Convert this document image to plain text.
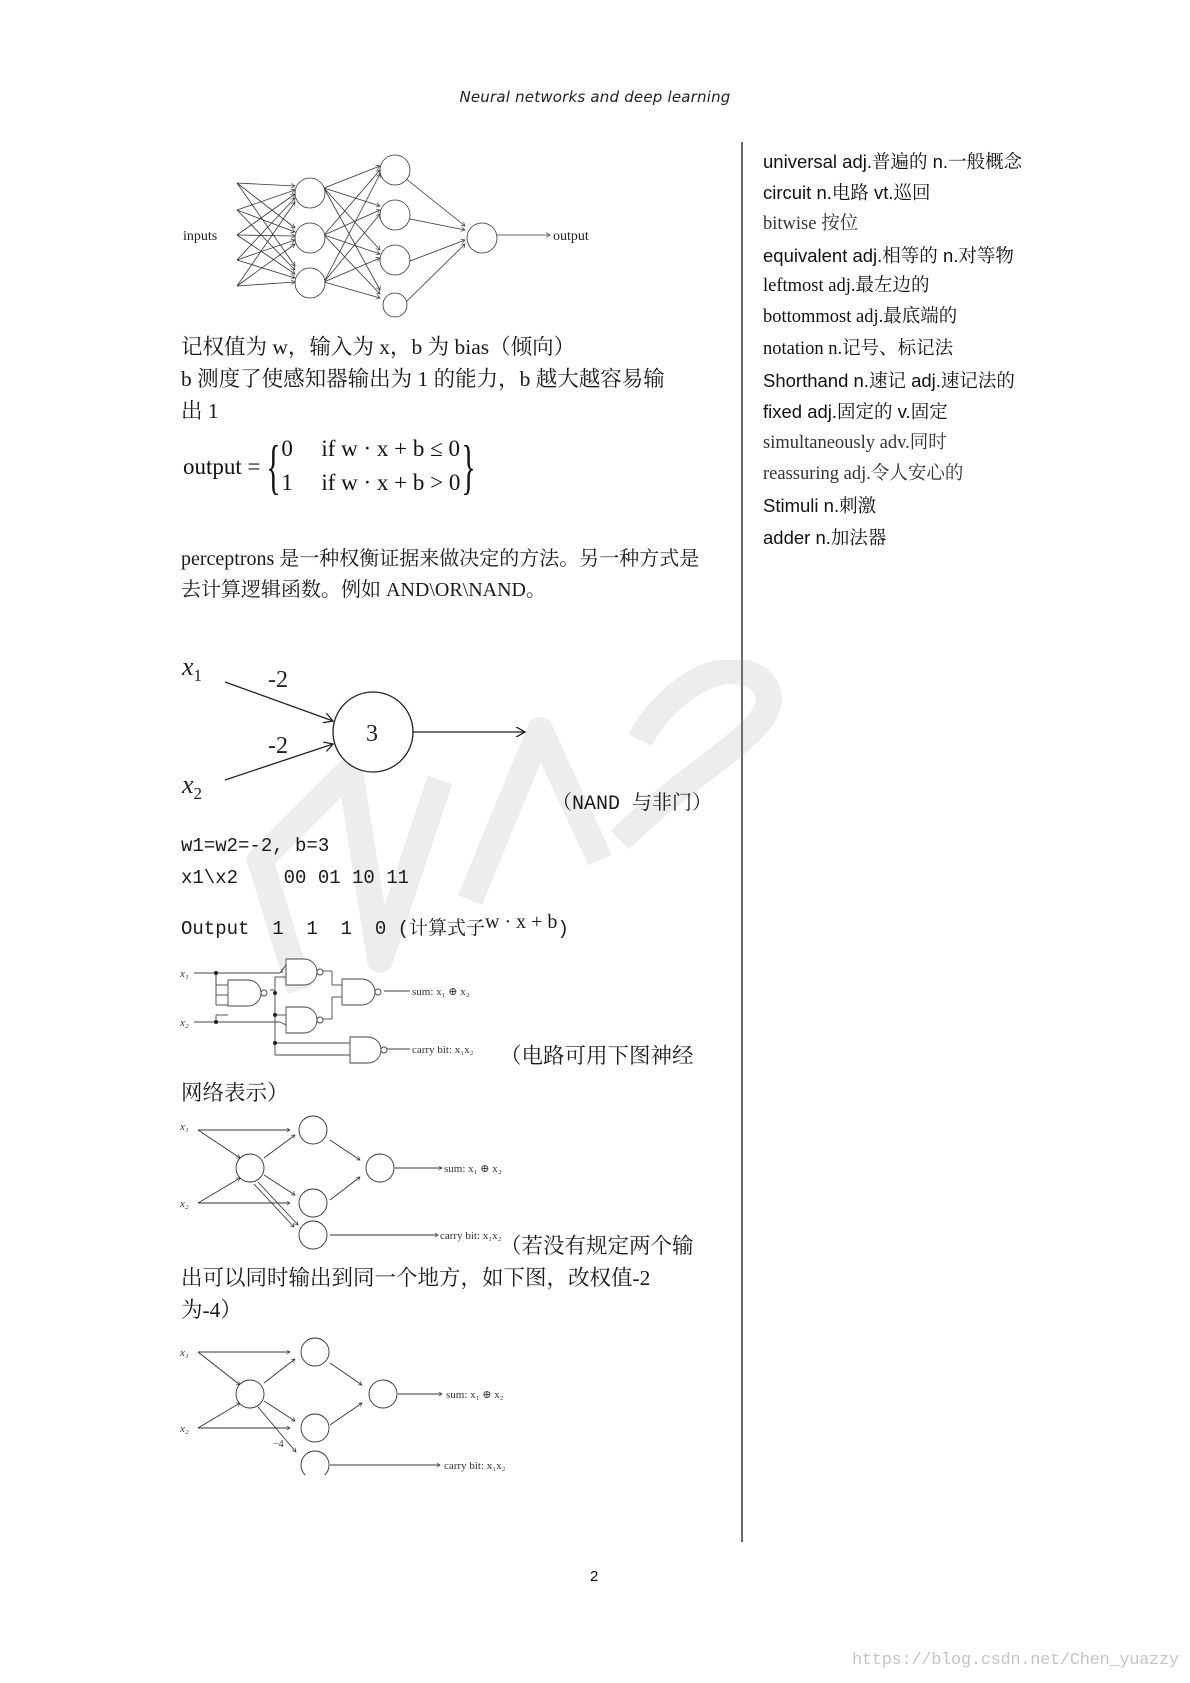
Neural networks and deep learning
inputs	output
记权值为 w，输入为 x，b 为 bias（倾向）
b 测度了使感知器输出为 1 的能力，b 越大越容易输
出 1
output = { 0 if w · x + b ≤ 0
1 if w · x + b > 0 }
perceptrons 是一种权衡证据来做决定的方法。另一种方式是
去计算逻辑函数。例如 AND\OR\NAND。
$x_1$
$x_2$
-2
-2	3
（NAND 与非门）
w1=w2=-2, b=3
x1\x2    00 01 10 11
Output  1  1  1  0 (计算式子w · x + b)
x₁
x₂
sum: x₁ ⊕ x₂
carry bit: x₁x₂ （电路可用下图神经
网络表示）
x₁
x₂
sum: x₁ ⊕ x₂
carry bit: x₁x₂
（若没有规定两个输
出可以同时输出到同一个地方，如下图，改权值-2
为-4）
x₁
x₂
−4
sum: x₁ ⊕ x₂
carry bit: x₁x₂
universal adj.普遍的 n.一般概念
circuit n.电路 vt.巡回
bitwise 按位
equivalent adj.相等的 n.对等物
leftmost adj.最左边的
bottommost adj.最底端的
notation n.记号、标记法
Shorthand n.速记 adj.速记法的
fixed adj.固定的 v.固定
simultaneously adv.同时
reassuring adj.令人安心的
Stimuli n.刺激
adder n.加法器
2
https://blog.csdn.net/Chen_yuazzy
